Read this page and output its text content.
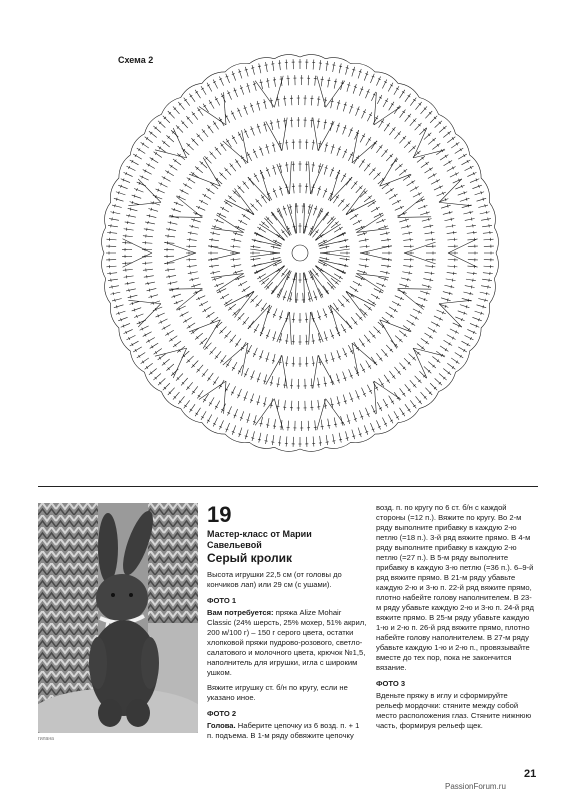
Схема 2
гилана
19
Мастер-класс от Марии Савельевой
Серый кролик

Высота игрушки 22,5 см (от головы до кончиков лап) или 29 см (с ушами).

ФОТО 1

Вам потребуется: пряжа Alize Mohair Classic (24% шерсть, 25% мохер, 51% акрил, 200 м/100 г) – 150 г серого цвета, остатки хлопковой пряжи пудрово-розового, светло-салатового и молочного цвета, крючок №1,5, наполнитель для игрушки, игла с широким ушком.

Вяжите игрушку ст. б/н по кругу, если не указано иное.

ФОТО 2

Голова. Наберите цепочку из 6 возд. п. + 1 п. подъема. В 1-м ряду обвяжите цепочку

возд. п. по кругу по 6 ст. б/н с каждой стороны (=12 п.). Вяжите по кругу. Во 2-м ряду выполните прибавку в каждую 2-ю петлю (=18 п.). 3-й ряд вяжите прямо. В 4-м ряду выполните прибавку в каждую 2-ю петлю (=27 п.). В 5-м ряду выполните прибавку в каждую 3-ю петлю (=36 п.). 6–9-й ряд вяжите прямо. В 21-м ряду убавьте каждую 2-ю и 3-ю п. 22-й ряд вяжите прямо, плотно набейте голову наполнителем. В 23-м ряду убавьте каждую 2-ю и 3-ю п. 24-й ряд вяжите прямо. В 25-м ряду убавьте каждую 1-ю и 2-ю п. 26-й ряд вяжите прямо, плотно набейте голову наполнителем. В 27-м ряду убавьте каждую 1-ю и 2-ю п., провязывайте вместе до тех пор, пока не закончится вязание.

ФОТО 3

Вденьте пряжу в иглу и сформируйте рельеф мордочки: стяните между собой место расположения глаз. Стяните нижнюю часть, формируя рельеф щек.

21
PassionForum.ru
